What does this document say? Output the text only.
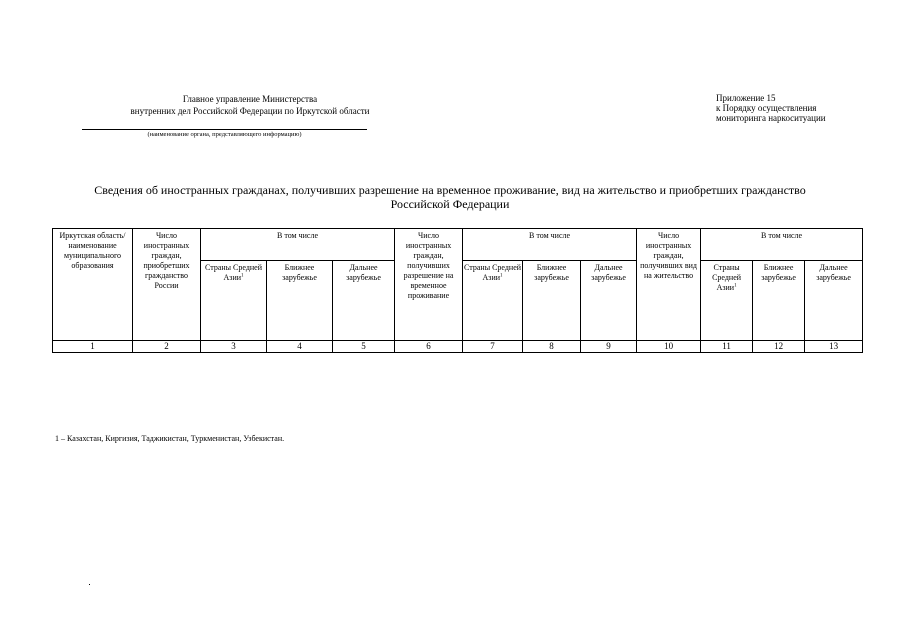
Главное управление Министерства
внутренних дел Российской Федерации по Иркутской области
(наименование органа, представляющего информацию)
Приложение 15
к Порядку осуществления
мониторинга наркоситуации
Сведения об иностранных гражданах, получивших разрешение на временное проживание, вид на жительство и приобретших гражданство
Российской Федерации
Иркутская область/ наименование муниципального образования	Число иностранных граждан, приобретших гражданство России	В том числе			Число иностранных граждан, получивших разрешение на временное проживание	В том числе			Число иностранных граждан, получивших вид на жительство	В том числе		
		Страны Средней Азии$^1$	Ближнее зарубежье	Дальнее зарубежье		Страны Средней Азии$^1$	Ближнее зарубежье	Дальнее зарубежье		Страны Средней Азии$^1$	Ближнее зарубежье	Дальнее зарубежье
1	2	3	4	5	6	7	8	9	10	11	12	13
1 – Казахстан, Киргизия, Таджикистан, Туркменистан, Узбекистан.
